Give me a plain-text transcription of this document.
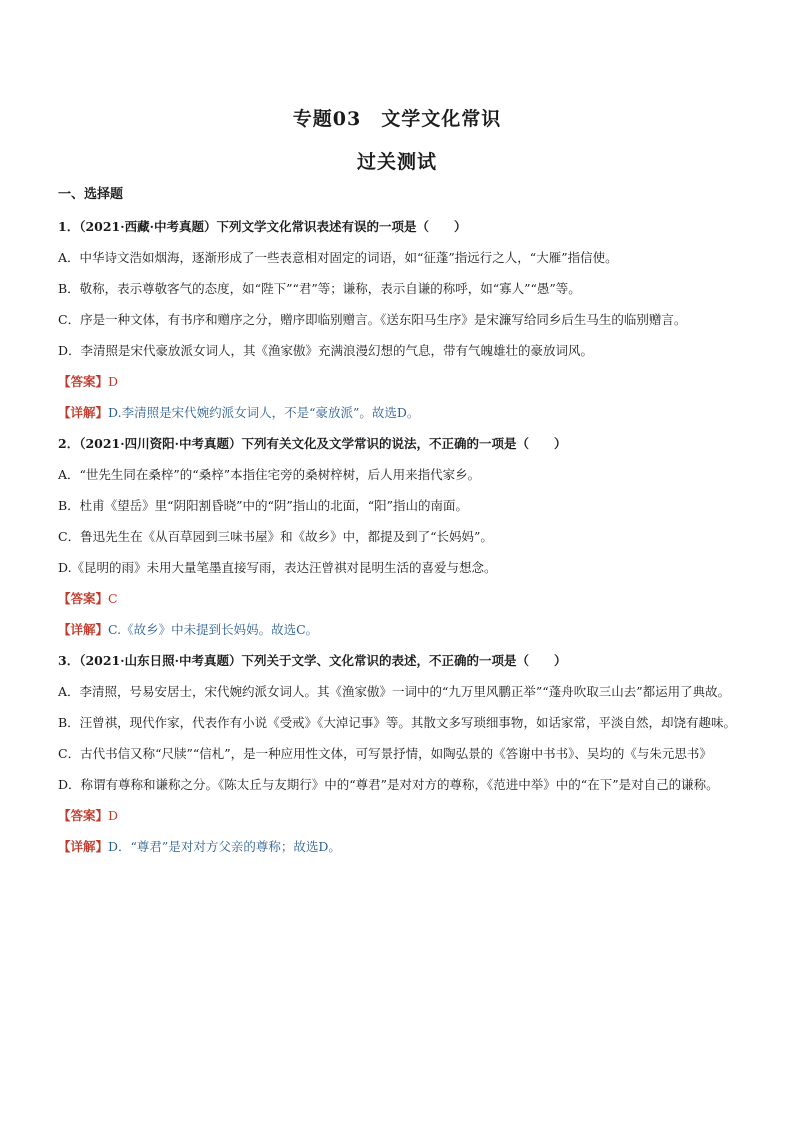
专题03　文学文化常识
过关测试
一、选择题

1．（2021·西藏·中考真题）下列文学文化常识表述有误的一项是（　　）

A．中华诗文浩如烟海，逐渐形成了一些表意相对固定的词语，如“征蓬”指远行之人，“大雁”指信使。

B．敬称，表示尊敬客气的态度，如“陛下”“君”等；谦称，表示自谦的称呼，如“寡人”“愚”等。

C．序是一种文体，有书序和赠序之分，赠序即临别赠言。《送东阳马生序》是宋濂写给同乡后生马生的临别赠言。

D．李清照是宋代豪放派女词人，其《渔家傲》充满浪漫幻想的气息，带有气魄雄壮的豪放词风。

【答案】D

【详解】D.李清照是宋代婉约派女词人，不是“豪放派”。故选D。

2．（2021·四川资阳·中考真题）下列有关文化及文学常识的说法，不正确的一项是（　　）

A．“世先生同在桑梓”的“桑梓”本指住宅旁的桑树梓树，后人用来指代家乡。

B．杜甫《望岳》里“阴阳割昏晓”中的“阴”指山的北面，“阳”指山的南面。

C．鲁迅先生在《从百草园到三味书屋》和《故乡》中，都提及到了“长妈妈”。

D.《昆明的雨》未用大量笔墨直接写雨，表达汪曾祺对昆明生活的喜爱与想念。

【答案】C

【详解】C.《故乡》中未提到长妈妈。故选C。

3．（2021·山东日照·中考真题）下列关于文学、文化常识的表述，不正确的一项是（　　）

A．李清照，号易安居士，宋代婉约派女词人。其《渔家傲》一词中的“九万里风鹏正举”“蓬舟吹取三山去”都运用了典故。

B．汪曾祺，现代作家，代表作有小说《受戒》《大淖记事》等。其散文多写琐细事物，如话家常，平淡自然，却饶有趣味。

C．古代书信又称“尺牍”“信札”，是一种应用性文体，可写景抒情，如陶弘景的《答谢中书书》、吴均的《与朱元思书》

D．称谓有尊称和谦称之分。《陈太丘与友期行》中的“尊君”是对对方的尊称，《范进中举》中的“在下”是对自己的谦称。

【答案】D

【详解】D．“尊君”是对对方父亲的尊称；故选D。
